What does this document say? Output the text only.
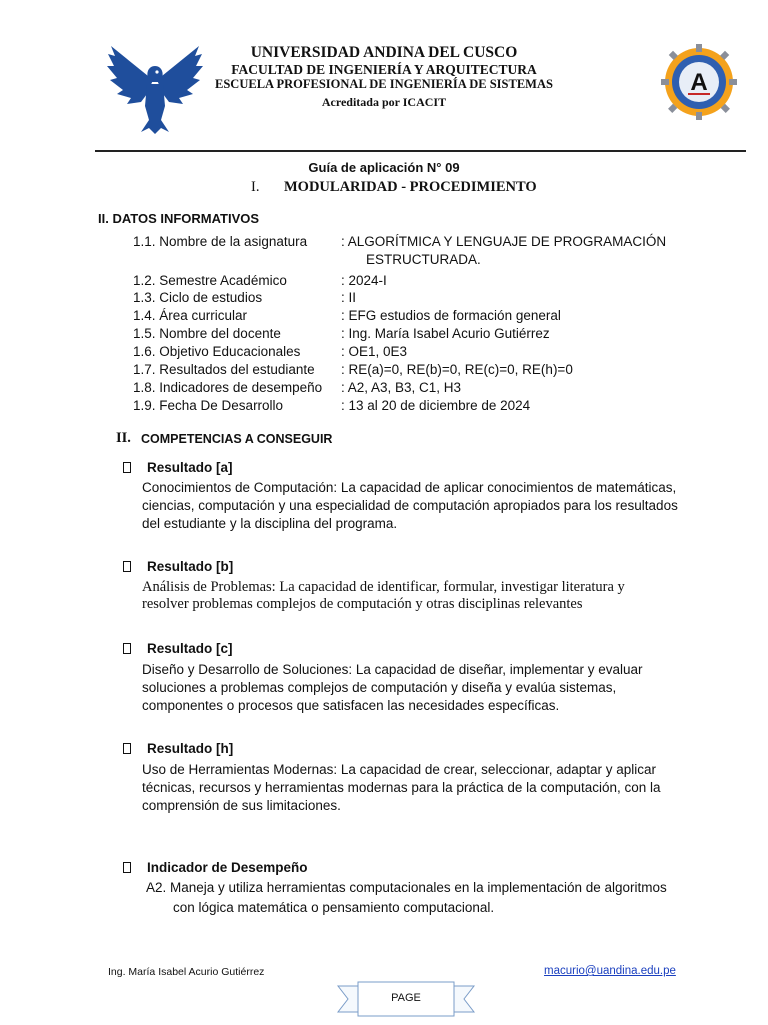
UNIVERSIDAD ANDINA DEL CUSCO
FACULTAD DE INGENIERÍA Y ARQUITECTURA
ESCUELA PROFESIONAL DE INGENIERÍA DE SISTEMAS
Acreditada por ICACIT
A
Guía de aplicación N° 09
I. MODULARIDAD - PROCEDIMIENTO
II. DATOS INFORMATIVOS
1.1. Nombre de la asignatura	: ALGORÍTMICA Y LENGUAJE DE PROGRAMACIÓN
ESTRUCTURADA.
1.2. Semestre Académico	: 2024-I
1.3. Ciclo de estudios	: II
1.4. Área curricular	: EFG estudios de formación general
1.5. Nombre del docente	: Ing. María Isabel Acurio Gutiérrez
1.6. Objetivo Educacionales	: OE1, 0E3
1.7. Resultados del estudiante : RE(a)=0, RE(b)=0, RE(c)=0, RE(h)=0
1.8. Indicadores de desempeño : A2, A3, B3, C1, H3
1.9. Fecha De Desarrollo	: 13 al 20 de diciembre de 2024
II. COMPETENCIAS A CONSEGUIR
Resultado [a]
Conocimientos de Computación: La capacidad de aplicar conocimientos de matemáticas,
ciencias, computación y una especialidad de computación apropiados para los resultados
del estudiante y la disciplina del programa.
Resultado [b]
Análisis de Problemas: La capacidad de identificar, formular, investigar literatura y
resolver problemas complejos de computación y otras disciplinas relevantes
Resultado [c]
Diseño y Desarrollo de Soluciones: La capacidad de diseñar, implementar y evaluar
soluciones a problemas complejos de computación y diseña y evalúa sistemas,
componentes o procesos que satisfacen las necesidades específicas.
Resultado [h]
Uso de Herramientas Modernas: La capacidad de crear, seleccionar, adaptar y aplicar
técnicas, recursos y herramientas modernas para la práctica de la computación, con la
comprensión de sus limitaciones.
Indicador de Desempeño
A2. Maneja y utiliza herramientas computacionales en la implementación de algoritmos
con lógica matemática o pensamiento computacional.
Ing. María Isabel Acurio Gutiérrez	macurio@uandina.edu.pe
PAGE
